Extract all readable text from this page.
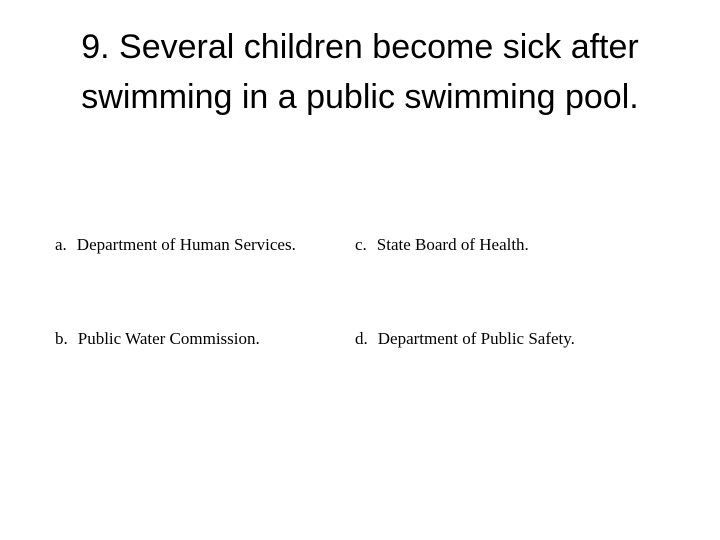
9. Several children become sick after
swimming in a public swimming pool.
a. Department of Human Services.	c. State Board of Health.
b. Public Water Commission.	d. Department of Public Safety.
